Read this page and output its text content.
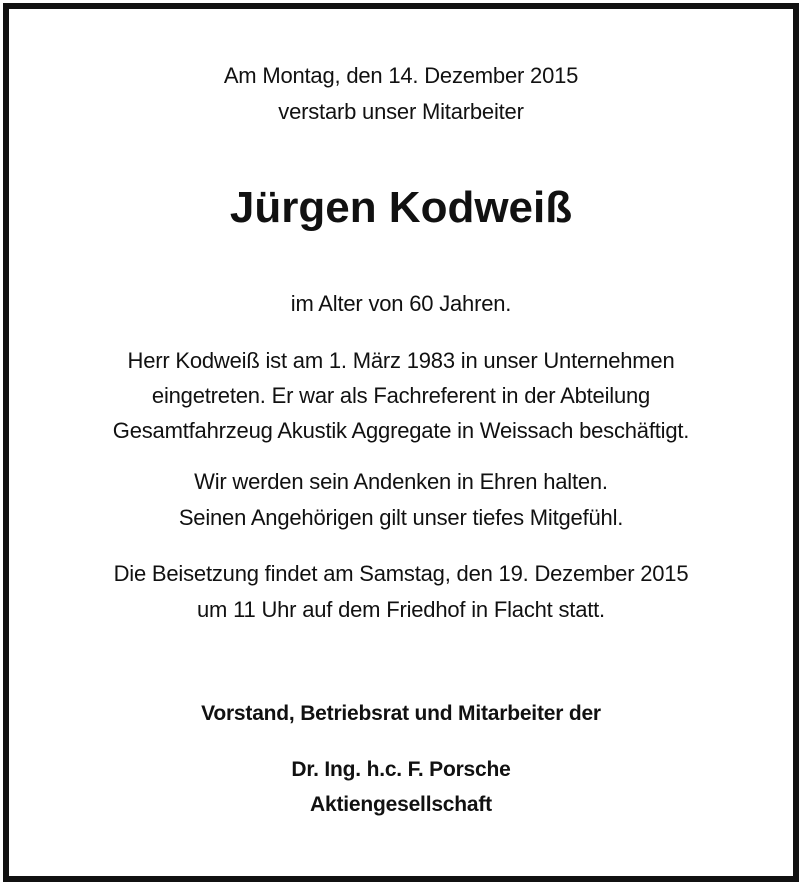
Am Montag, den 14. Dezember 2015
verstarb unser Mitarbeiter
Jürgen Kodweiß
im Alter von 60 Jahren.
Herr Kodweiß ist am 1. März 1983 in unser Unternehmen
eingetreten. Er war als Fachreferent in der Abteilung
Gesamtfahrzeug Akustik Aggregate in Weissach beschäftigt.
Wir werden sein Andenken in Ehren halten.
Seinen Angehörigen gilt unser tiefes Mitgefühl.
Die Beisetzung findet am Samstag, den 19. Dezember 2015
um 11 Uhr auf dem Friedhof in Flacht statt.
Vorstand, Betriebsrat und Mitarbeiter der
Dr. Ing. h.c. F. Porsche
Aktiengesellschaft
